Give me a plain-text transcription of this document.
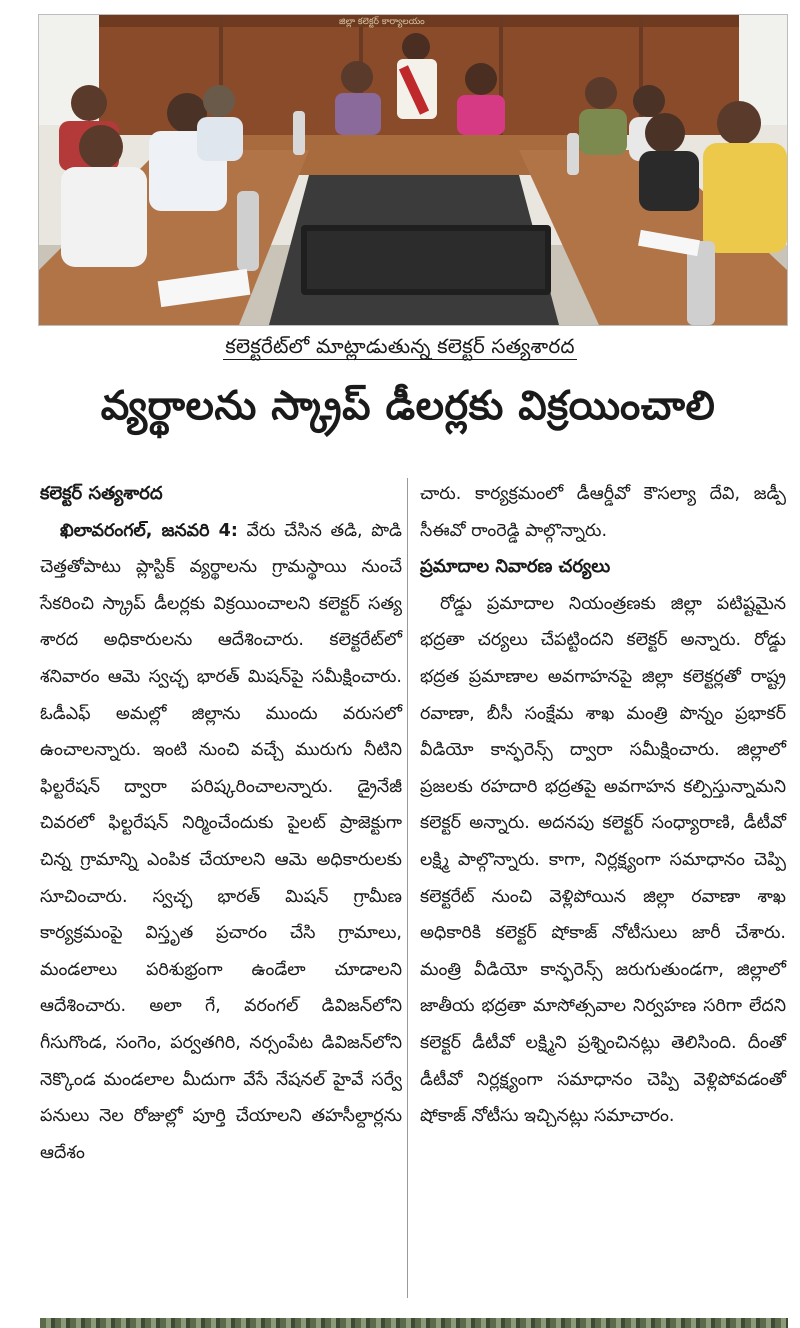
జిల్లా కలెక్టర్ కార్యాలయం
కలెక్టరేట్‌లో మాట్లాడుతున్న కలెక్టర్ సత్యశారద
వ్యర్థాలను స్క్రాప్ డీలర్లకు విక్రయించాలి

కలెక్టర్ సత్యశారద

ఖిలావరంగల్, జనవరి 4: వేరు చేసిన తడి, పొడి చెత్తతోపాటు ప్లాస్టిక్ వ్యర్థాలను గ్రామస్థాయి నుంచే సేకరించి స్క్రాప్ డీలర్లకు విక్రయించాలని కలెక్టర్ సత్య శారద అధికారులను ఆదేశించారు. కలెక్టరేట్‌లో శనివారం ఆమె స్వచ్ఛ భారత్ మిషన్‌పై సమీక్షించారు. ఓడీఎఫ్ అమల్లో జిల్లాను ముందు వరుసలో ఉంచాలన్నారు. ఇంటి నుంచి వచ్చే మురుగు నీటిని ఫిల్టరేషన్ ద్వారా పరిష్కరించాలన్నారు. డ్రైనేజీ చివరలో ఫిల్టరేషన్ నిర్మించేందుకు పైలట్ ప్రాజెక్టుగా చిన్న గ్రామాన్ని ఎంపిక చేయాలని ఆమె అధికారులకు సూచించారు. స్వచ్ఛ భారత్ మిషన్ గ్రామీణ కార్యక్రమంపై విస్తృత ప్రచారం చేసి గ్రామాలు, మండలాలు పరిశుభ్రంగా ఉండేలా చూడాలని ఆదేశించారు. అలా గే, వరంగల్ డివిజన్‌లోని గీసుగొండ, సంగెం, పర్వతగిరి, నర్సంపేట డివిజన్‌లోని నెక్కొండ మండలాల మీదుగా వేసే నేషనల్ హైవే సర్వే పనులు నెల రోజుల్లో పూర్తి చేయాలని తహసీల్దార్లను ఆదేశం

చారు. కార్యక్రమంలో డీఆర్డీవో కౌసల్యా దేవి, జడ్పీ సీఈవో రాంరెడ్డి పాల్గొన్నారు.

ప్రమాదాల నివారణ చర్యలు

రోడ్డు ప్రమాదాల నియంత్రణకు జిల్లా పటిష్టమైన భద్రతా చర్యలు చేపట్టిందని కలెక్టర్ అన్నారు. రోడ్డు భద్రత ప్రమాణాల అవగాహనపై జిల్లా కలెక్టర్లతో రాష్ట్ర రవాణా, బీసీ సంక్షేమ శాఖ మంత్రి పొన్నం ప్రభాకర్ వీడియో కాన్ఫరెన్స్ ద్వారా సమీక్షించారు. జిల్లాలో ప్రజలకు రహదారి భద్రతపై అవగాహన కల్పిస్తున్నామని కలెక్టర్ అన్నారు. అదనపు కలెక్టర్ సంధ్యారాణి, డీటీవో లక్ష్మి పాల్గొన్నారు. కాగా, నిర్లక్ష్యంగా సమాధానం చెప్పి కలెక్టరేట్ నుంచి వెళ్లిపోయిన జిల్లా రవాణా శాఖ అధికారికి కలెక్టర్ షోకాజ్ నోటీసులు జారీ చేశారు. మంత్రి వీడియో కాన్ఫరెన్స్ జరుగుతుండగా, జిల్లాలో జాతీయ భద్రతా మాసోత్సవాల నిర్వహణ సరిగా లేదని కలెక్టర్ డీటీవో లక్ష్మిని ప్రశ్నించినట్లు తెలిసింది. దీంతో డీటీవో నిర్లక్ష్యంగా సమాధానం చెప్పి వెళ్లిపోవడంతో షోకాజ్ నోటీసు ఇచ్చినట్లు సమాచారం.
